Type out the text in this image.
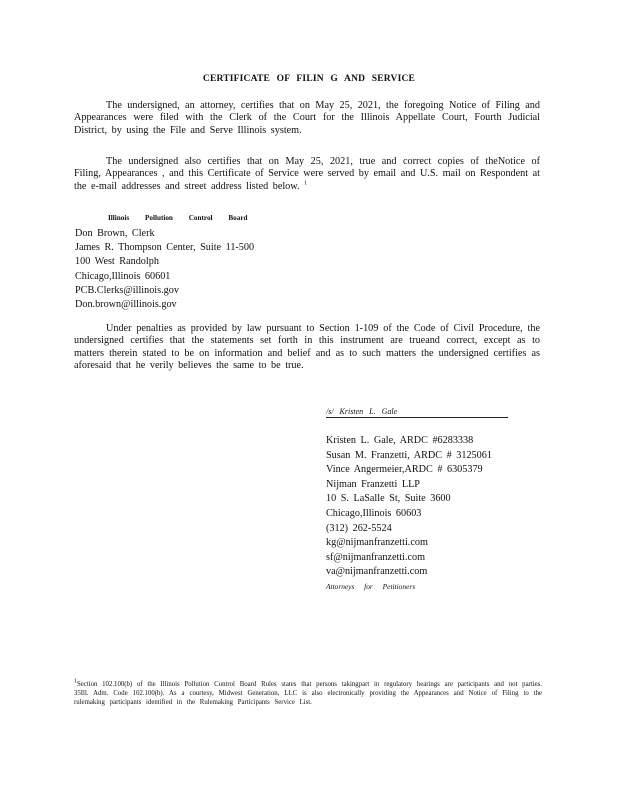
CERTIFICATE OF FILIN G AND SERVICE
The undersigned, an attorney, certifies that on May 25, 2021, the foregoing Notice of Filing and Appearances were filed with the Clerk of the Court for the Illinois Appellate Court, Fourth Judicial District, by using the File and Serve Illinois system.
The undersigned also certifies that on May 25, 2021, true and correct copies of theNotice of Filing, Appearances , and this Certificate of Service were served by email and U.S. mail on Respondent at the e-mail addresses and street address listed below. $^1$
Illinois Pollution Control Board
Don Brown, Clerk
James R. Thompson Center, Suite 11-500
100 West Randolph
Chicago,Illinois 60601
PCB.Clerks@illinois.gov
Don.brown@illinois.gov
Under penalties as provided by law pursuant to Section 1-109 of the Code of Civil Procedure, the undersigned certifies that the statements set forth in this instrument are trueand correct, except as to matters therein stated to be on information and belief and as to such matters the undersigned certifies as aforesaid that he verily believes the same to be true.
/s/ Kristen L. Gale
Kristen L. Gale, ARDC #6283338
Susan M. Franzetti, ARDC # 3125061
Vince Angermeier,ARDC # 6305379
Nijman Franzetti LLP
10 S. LaSalle St, Suite 3600
Chicago,Illinois 60603
(312) 262-5524
kg@nijmanfranzetti.com
sf@nijmanfranzetti.com
va@nijmanfranzetti.com
Attorneys for Petitioners
$^1$Section 102.100(b) of the Illinois Pollution Control Board Rules states that persons takingpart in regulatory hearings are participants and not parties. 35Ill. Adm. Code 102.100(b). As a courtesy, Midwest Generation, LLC is also electronically providing the Appearances and Notice of Filing to the rulemaking participants identified in the Rulemaking Participants Service List.
